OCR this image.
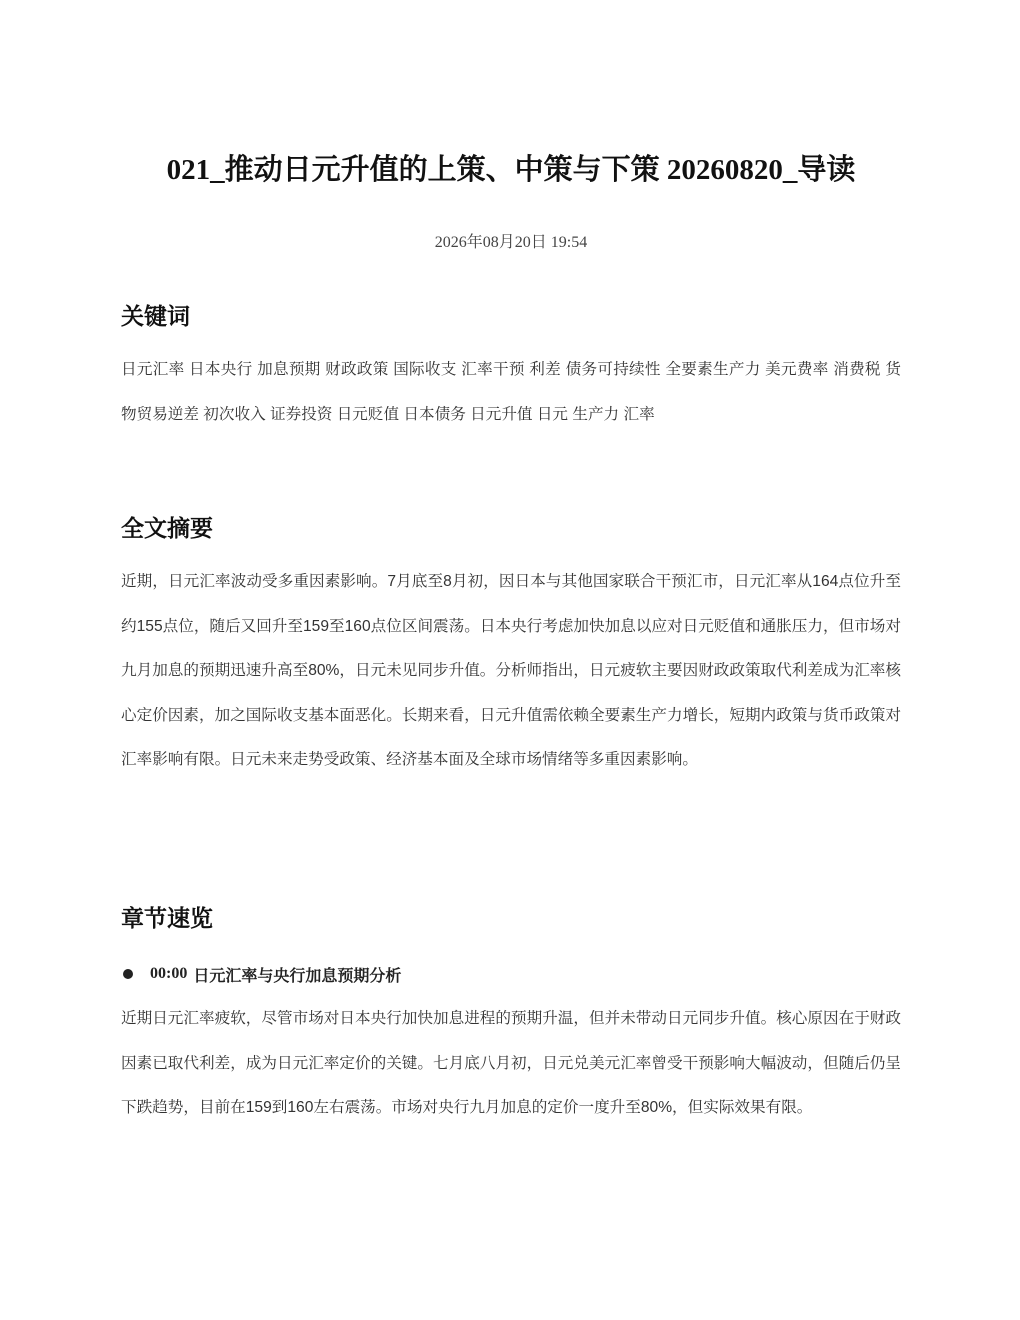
021_推动日元升值的上策、中策与下策 20260820_导读
2026年08月20日 19:54
关键词

日元汇率 日本央行 加息预期 财政政策 国际收支 汇率干预 利差 债务可持续性 全要素生产力 美元费率 消费税 货物贸易逆差 初次收入 证券投资 日元贬值 日本债务 日元升值 日元 生产力 汇率

全文摘要

近期，日元汇率波动受多重因素影响。7月底至8月初，因日本与其他国家联合干预汇市，日元汇率从164点位升至约155点位，随后又回升至159至160点位区间震荡。日本央行考虑加快加息以应对日元贬值和通胀压力，但市场对九月加息的预期迅速升高至80%，日元未见同步升值。分析师指出，日元疲软主要因财政政策取代利差成为汇率核心定价因素，加之国际收支基本面恶化。长期来看，日元升值需依赖全要素生产力增长，短期内政策与货币政策对汇率影响有限。日元未来走势受政策、经济基本面及全球市场情绪等多重因素影响。

章节速览
00:00 日元汇率与央行加息预期分析

近期日元汇率疲软，尽管市场对日本央行加快加息进程的预期升温，但并未带动日元同步升值。核心原因在于财政因素已取代利差，成为日元汇率定价的关键。七月底八月初，日元兑美元汇率曾受干预影响大幅波动，但随后仍呈下跌趋势，目前在159到160左右震荡。市场对央行九月加息的定价一度升至80%，但实际效果有限。
